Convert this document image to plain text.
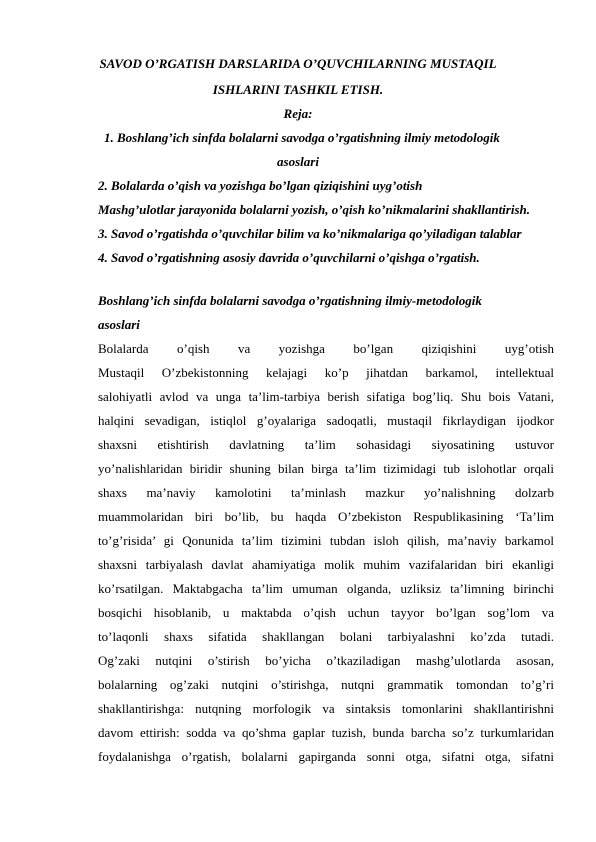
SAVOD O’RGATISH DARSLARIDA O’QUVCHILARNING MUSTAQIL

ISHLARINI TASHKIL ETISH.

Reja:

1. Boshlang’ich sinfda bolalarni savodga o’rgatishning ilmiy metodologik

asoslari

2. Bolalarda o’qish va yozishga bo’lgan qiziqishini uyg’otish

Mashg’ulotlar jarayonida bolalarni yozish, o’qish ko’nikmalarini shakllantirish.

3. Savod o’rgatishda o’quvchilar bilim va ko’nikmalariga qo’yiladigan talablar

4. Savod o’rgatishning asosiy davrida o’quvchilarni o’qishga o’rgatish.

Boshlang’ich sinfda bolalarni savodga o’rgatishning ilmiy-metodologik

asoslari

Bolalarda o’qish va yozishga bo’lgan qiziqishini uyg’otish

Mustaqil O’zbekistonning kelajagi ko’p jihatdan barkamol, intellektual

salohiyatli avlod va unga ta’lim-tarbiya berish sifatiga bog’liq. Shu bois Vatani,

halqini sevadigan, istiqlol g’oyalariga sadoqatli, mustaqil fikrlaydigan ijodkor

shaxsni etishtirish davlatning ta’lim sohasidagi siyosatining ustuvor

yo’nalishlaridan biridir shuning bilan birga ta’lim tizimidagi tub islohotlar orqali

shaxs ma’naviy kamolotini ta’minlash mazkur yo’nalishning dolzarb

muammolaridan biri bo’lib, bu haqda O’zbekiston Respublikasining ‘Ta’lim

to’g’risida’ gi Qonunida ta’lim tizimini tubdan isloh qilish, ma’naviy barkamol

shaxsni tarbiyalash davlat ahamiyatiga molik muhim vazifalaridan biri ekanligi

ko’rsatilgan. Maktabgacha ta’lim umuman olganda, uzliksiz ta’limning birinchi

bosqichi hisoblanib, u maktabda o’qish uchun tayyor bo’lgan sog’lom va

to’laqonli shaxs sifatida shakllangan bolani tarbiyalashni ko’zda tutadi.

Og’zaki nutqini o’stirish bo’yicha o’tkaziladigan mashg’ulotlarda asosan,

bolalarning og’zaki nutqini o’stirishga, nutqni grammatik tomondan to’g’ri

shakllantirishga: nutqning morfologik va sintaksis tomonlarini shakllantirishni

davom ettirish: sodda va qo’shma gaplar tuzish, bunda barcha so’z turkumlaridan

foydalanishga o’rgatish, bolalarni gapirganda sonni otga, sifatni otga, sifatni
